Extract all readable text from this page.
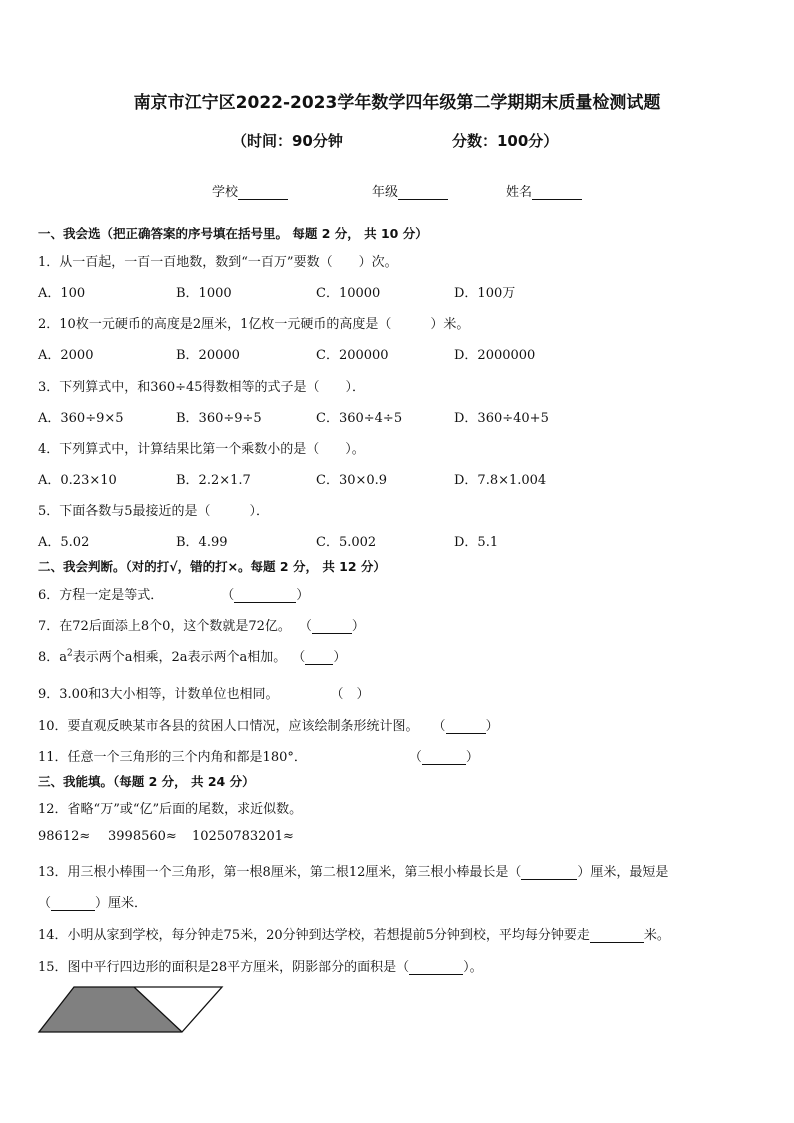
南京市江宁区2022-2023学年数学四年级第二学期期末质量检测试题
（时间：90分钟	分数：100分）
学校	年级	姓名
一、我会选（把正确答案的序号填在括号里。 每题 2 分， 共 10 分）
1．从一百起，一百一百地数，数到“一百万”要数（　　）次。
A．100	B．1000	C．10000	D．100万
2．10枚一元硬币的高度是2厘米，1亿枚一元硬币的高度是（　　　）米。
A．2000	B．20000	C．200000	D．2000000
3．下列算式中，和360÷45得数相等的式子是（　　）．
A．360÷9×5	B．360÷9÷5	C．360÷4÷5	D．360÷40+5
4．下列算式中，计算结果比第一个乘数小的是（　　）。
A．0.23×10	B．2.2×1.7	C．30×0.9	D．7.8×1.004
5．下面各数与5最接近的是（　　　）．
A．5.02	B．4.99	C．5.002	D．5.1
二、我会判断。（对的打√，错的打×。每题 2 分， 共 12 分）
6．方程一定是等式．	（	）
7．在72后面添上8个0，这个数就是72亿。 （	）
8．$a^2$表示两个a相乘，2a表示两个a相加。 （ ）
9．3.00和3大小相等，计数单位也相同。	（　）
10．要直观反映某市各县的贫困人口情况，应该绘制条形统计图。 （	）
11．任意一个三角形的三个内角和都是180°．	（	）
三、我能填。（每题 2 分， 共 24 分）
12．省略“万”或“亿”后面的尾数，求近似数。
98612≈ 3998560≈ 10250783201≈
13．用三根小棒围一个三角形，第一根8厘米，第二根12厘米，第三根小棒最长是（	）厘米，最短是
（	）厘米．
14．小明从家到学校，每分钟走75米，20分钟到达学校，若想提前5分钟到校，平均每分钟要走	米。
15．图中平行四边形的面积是28平方厘米，阴影部分的面积是（	）。
